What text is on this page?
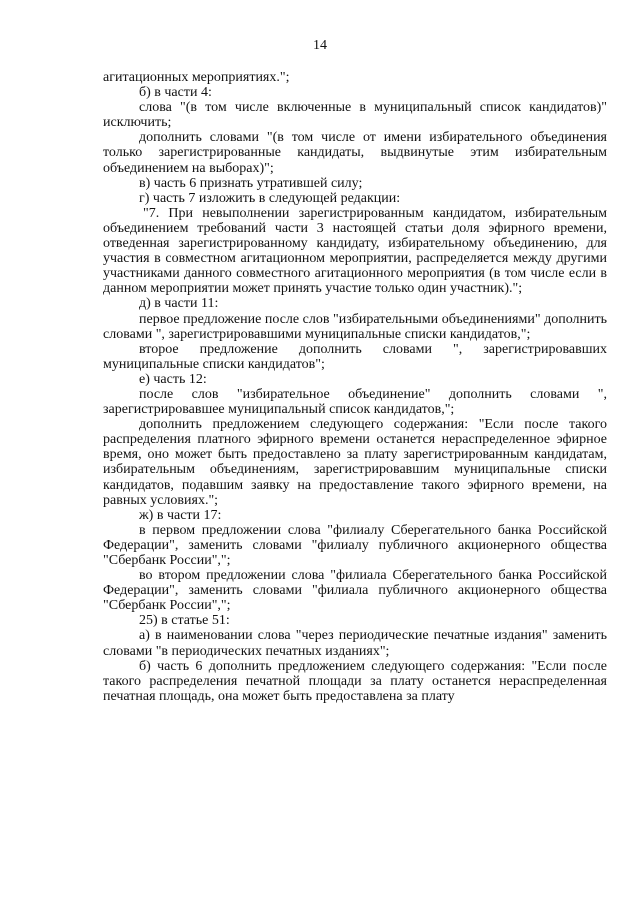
14

агитационных мероприятиях.";

б) в части 4:

слова "(в том числе включенные в муниципальный список кандидатов)" исключить;

дополнить словами "(в том числе от имени избирательного объединения только зарегистрированные кандидаты, выдвинутые этим избирательным объединением на выборах)";

в) часть 6 признать утратившей силу;

г) часть 7 изложить в следующей редакции:

"7. При невыполнении зарегистрированным кандидатом, избирательным объединением требований части 3 настоящей статьи доля эфирного времени, отведенная зарегистрированному кандидату, избирательному объединению, для участия в совместном агитационном мероприятии, распределяется между другими участниками данного совместного агитационного мероприятия (в том числе если в данном мероприятии может принять участие только один участник).";

д) в части 11:

первое предложение после слов "избирательными объединениями" дополнить словами ", зарегистрировавшими муниципальные списки кандидатов,";

второе предложение дополнить словами ", зарегистрировавших муниципальные списки кандидатов";

е) часть 12:

после слов "избирательное объединение" дополнить словами ", зарегистрировавшее муниципальный список кандидатов,";

дополнить предложением следующего содержания: "Если после такого распределения платного эфирного времени останется нераспределенное эфирное время, оно может быть предоставлено за плату зарегистрированным кандидатам, избирательным объединениям, зарегистрировавшим муниципальные списки кандидатов, подавшим заявку на предоставление такого эфирного времени, на равных условиях.";

ж) в части 17:

в первом предложении слова "филиалу Сберегательного банка Российской Федерации", заменить словами "филиалу публичного акционерного общества "Сбербанк России",";

во втором предложении слова "филиала Сберегательного банка Российской Федерации", заменить словами "филиала публичного акционерного общества "Сбербанк России",";

25) в статье 51:

а) в наименовании слова "через периодические печатные издания" заменить словами "в периодических печатных изданиях";

б) часть 6 дополнить предложением следующего содержания: "Если после такого распределения печатной площади за плату останется нераспределенная печатная площадь, она может быть предоставлена за плату
